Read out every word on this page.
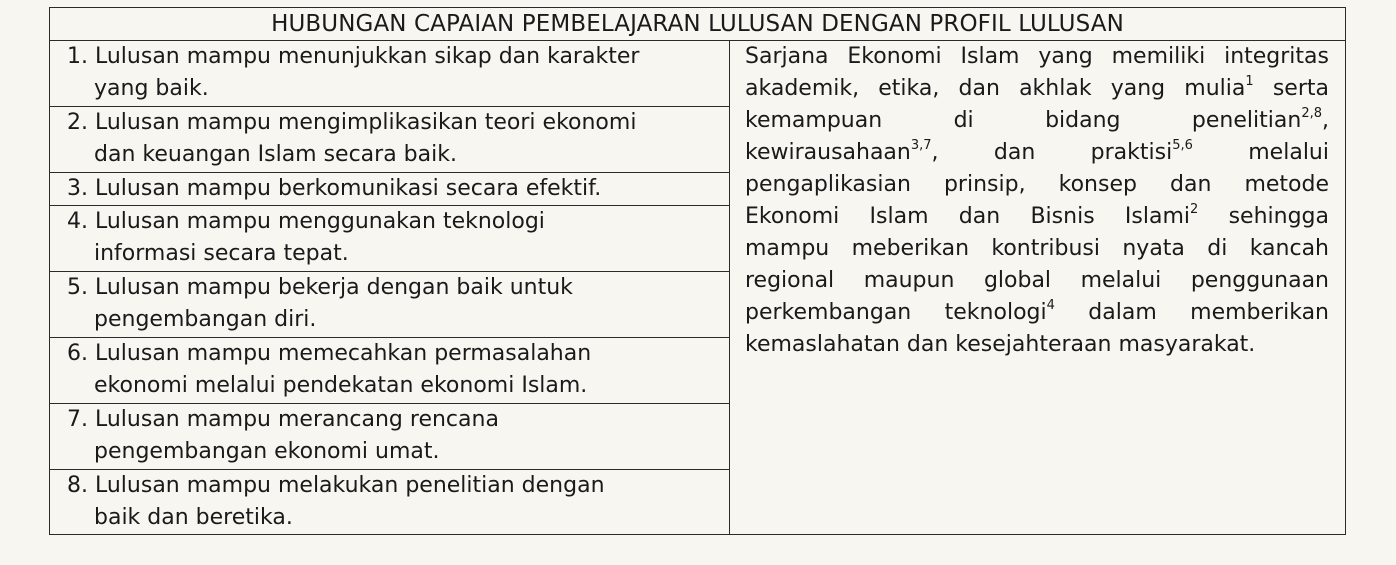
HUBUNGAN CAPAIAN PEMBELAJARAN LULUSAN DENGAN PROFIL LULUSAN
1. Lulusan mampu menunjukkan sikap dan karakter
yang baik.
2. Lulusan mampu mengimplikasikan teori ekonomi
dan keuangan Islam secara baik.
3. Lulusan mampu berkomunikasi secara efektif.
4. Lulusan mampu menggunakan teknologi
informasi secara tepat.
5. Lulusan mampu bekerja dengan baik untuk
pengembangan diri.
6. Lulusan mampu memecahkan permasalahan
ekonomi melalui pendekatan ekonomi Islam.
7. Lulusan mampu merancang rencana
pengembangan ekonomi umat.
8. Lulusan mampu melakukan penelitian dengan
baik dan beretika.
Sarjana Ekonomi Islam yang memiliki integritas
akademik, etika, dan akhlak yang mulia$^1$ serta
kemampuan di bidang penelitian$^{2,8}$,
kewirausahaan$^{3,7}$, dan praktisi$^{5,6}$ melalui
pengaplikasian prinsip, konsep dan metode
Ekonomi Islam dan Bisnis Islami$^2$ sehingga
mampu meberikan kontribusi nyata di kancah
regional maupun global melalui penggunaan
perkembangan teknologi$^4$ dalam memberikan
kemaslahatan dan kesejahteraan masyarakat.
